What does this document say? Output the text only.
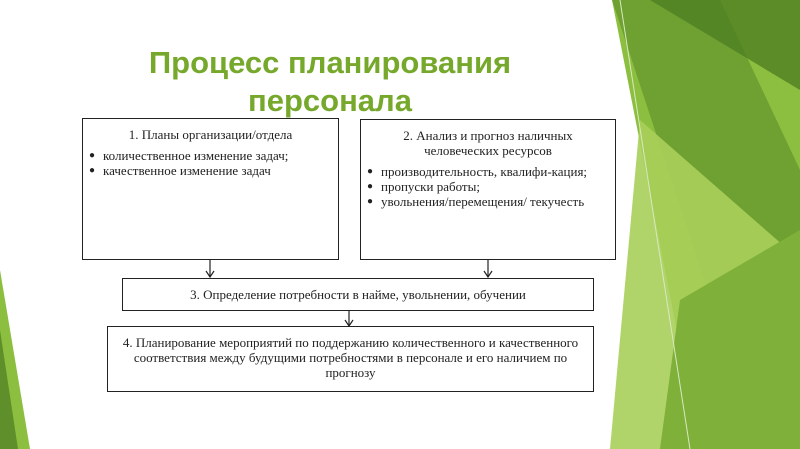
Процесс планирования персонала
1. Планы организации/отдела
● количественное изменение задач;
● качественное изменение задач
2. Анализ и прогноз наличных человеческих ресурсов
● производительность, квалифи-кация;
● пропуски работы;
● увольнения/перемещения/ текучесть
3. Определение потребности в найме, увольнении, обучении
4. Планирование мероприятий по поддержанию количественного и качественного соответствия между будущими потребностями в персонале и его наличием по прогнозу
